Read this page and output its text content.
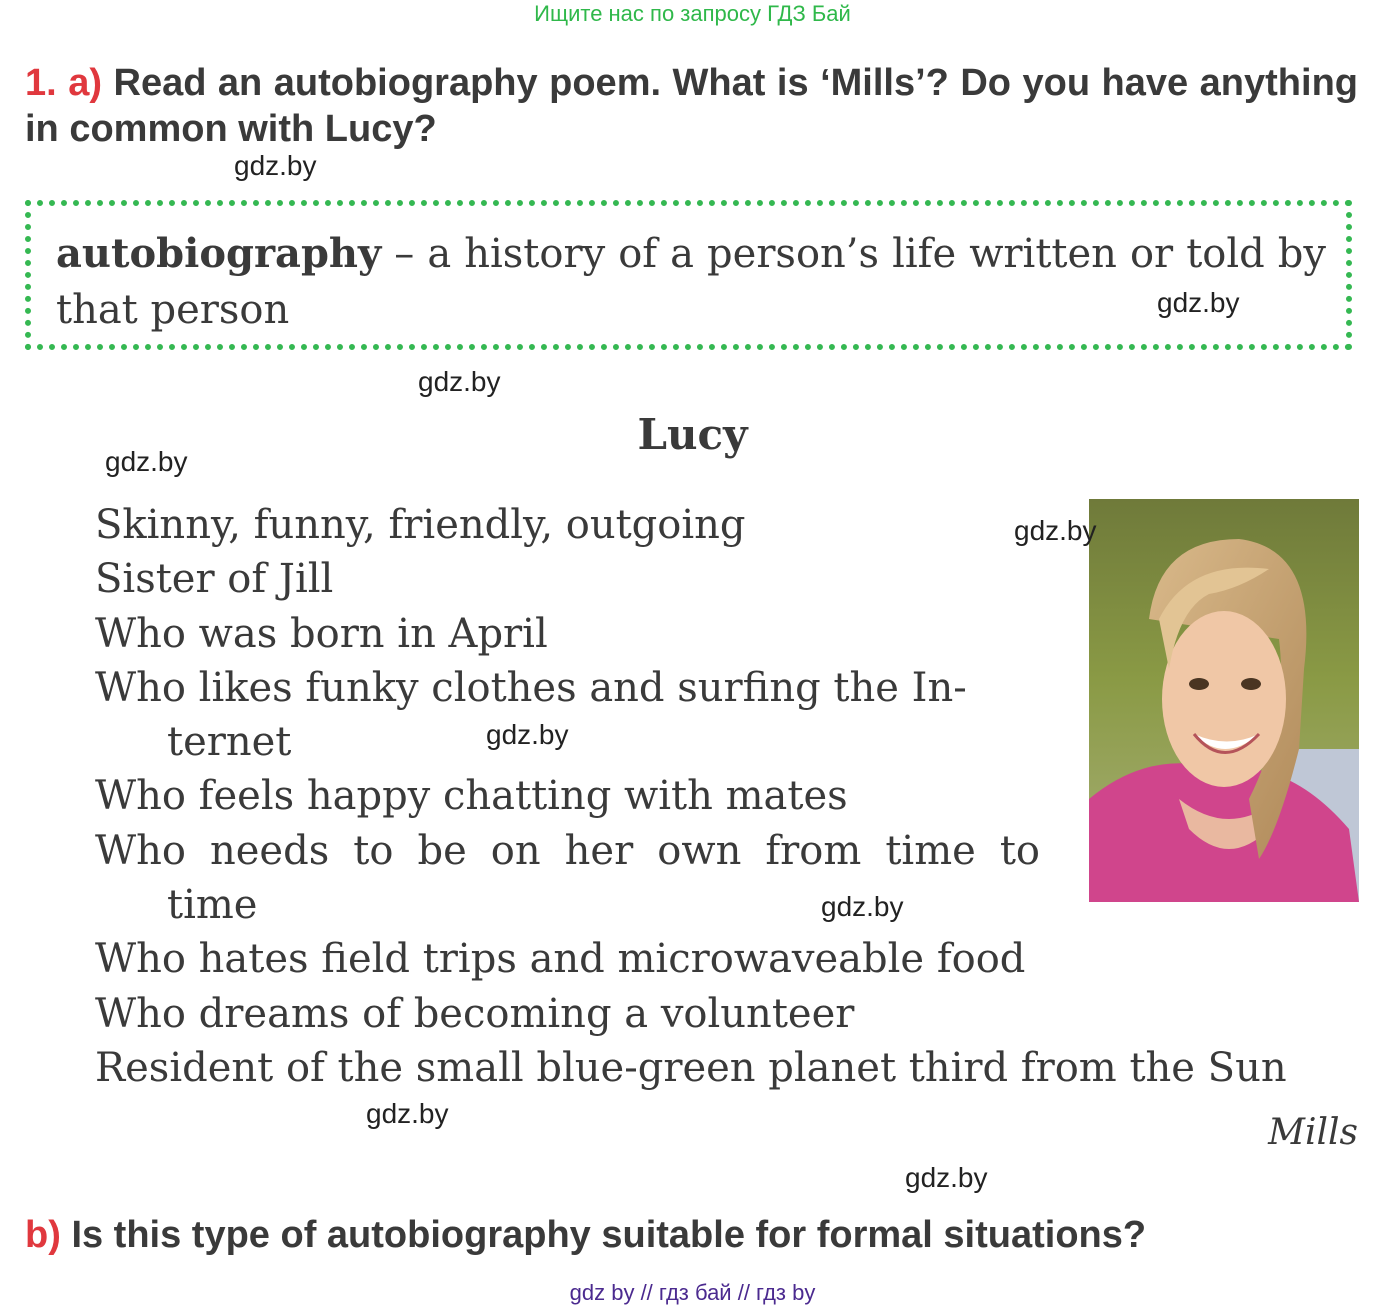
Ищите нас по запросу ГДЗ Бай
1. a) Read an autobiography poem. What is ‘Mills’? Do you have anything in common with Lucy?
gdz.by
autobiography – a history of a person’s life written or told by that person	gdz.by
gdz.by
Lucy
gdz.by
gdz.by
Skinny, funny, friendly, outgoing
Sister of Jill
Who was born in April
Who likes funky clothes and surfing the In-
ternet
Who feels happy chatting with mates
Who needs to be on her own from time to
time
Who hates field trips and microwaveable food
Who dreams of becoming a volunteer
Resident of the small blue-green planet third from the Sun
gdz.by
gdz.by
gdz.by	Mills
gdz.by
b) Is this type of autobiography suitable for formal situations?
gdz by // гдз бай // гдз by
